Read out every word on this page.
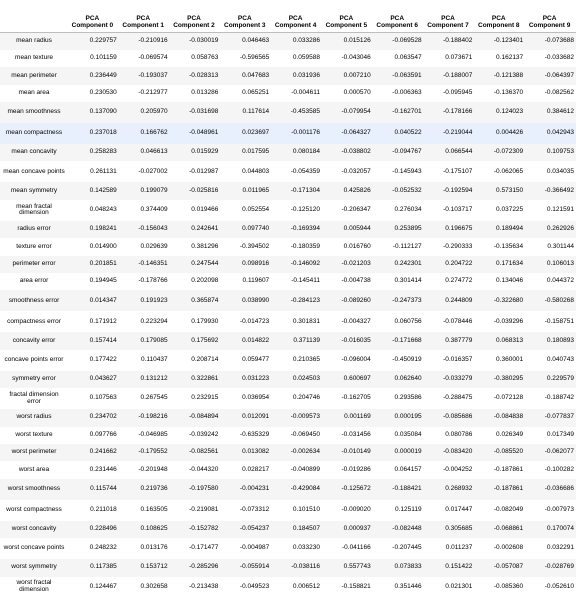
	PCA Component 0	PCA Component 1	PCA Component 2	PCA Component 3	PCA Component 4	PCA Component 5	PCA Component 6	PCA Component 7	PCA Component 8	PCA Component 9
mean radius	0.229757	-0.210916	-0.030019	0.046463	0.033286	0.015126	-0.069528	-0.188402	-0.123401	-0.073688
mean texture	0.101159	-0.069574	0.058763	-0.596565	0.059588	-0.043046	0.063547	0.073671	0.162137	-0.033682
mean perimeter	0.236449	-0.193037	-0.028313	0.047683	0.031936	0.007210	-0.063591	-0.188007	-0.121388	-0.064397
mean area	0.230530	-0.212977	0.013286	0.065251	-0.004611	0.000570	-0.006363	-0.095945	-0.136370	-0.082562
mean smoothness	0.137090	0.205970	-0.031698	0.117614	-0.453585	-0.079954	-0.162701	-0.178166	0.124023	0.384612
mean compactness	0.237018	0.166762	-0.048961	0.023697	-0.001176	-0.064327	0.040522	-0.219044	0.004426	0.042943
mean concavity	0.258283	0.046613	0.015929	0.017595	0.080184	-0.038802	-0.094767	0.066544	-0.072309	0.109753
mean concave points	0.261131	-0.027002	-0.012987	0.044803	-0.054359	-0.032057	-0.145943	-0.175107	-0.062065	0.034035
mean symmetry	0.142589	0.199079	-0.025816	0.011965	-0.171304	0.425826	-0.052532	-0.192594	0.573150	-0.366492
mean fractal dimension	0.048243	0.374409	0.019466	0.052554	-0.125120	-0.206347	0.276034	-0.103717	0.037225	0.121591
radius error	0.198241	-0.156043	0.242641	0.097740	-0.169394	0.005944	0.253895	0.196675	0.189494	0.262926
texture error	0.014900	0.029639	0.381296	-0.394502	-0.180359	0.016760	-0.112127	-0.290333	-0.135634	0.301144
perimeter error	0.201851	-0.146351	0.247544	0.098916	-0.146092	-0.021203	0.242301	0.204722	0.171634	0.106013
area error	0.194945	-0.178766	0.202098	0.119607	-0.145411	-0.004738	0.301414	0.274772	0.134046	0.044372
smoothness error	0.014347	0.191923	0.365874	0.038990	-0.284123	-0.089260	-0.247373	0.244809	-0.322680	-0.580268
compactness error	0.171912	0.223294	0.179930	-0.014723	0.301831	-0.004327	0.060756	-0.078446	-0.039296	-0.158751
concavity error	0.157414	0.179085	0.175692	0.014822	0.371139	-0.016035	-0.171668	0.387779	0.068313	0.180893
concave points error	0.177422	0.110437	0.208714	0.059477	0.210365	-0.096004	-0.450919	-0.016357	0.360001	0.040743
symmetry error	0.043627	0.131212	0.322861	0.031223	0.024503	0.600697	0.062640	-0.033279	-0.380295	0.229579
fractal dimension error	0.107563	0.267545	0.232915	0.036954	0.204746	-0.162705	0.293586	-0.288475	-0.072128	-0.188742
worst radius	0.234702	-0.198216	-0.084894	0.012091	-0.009573	0.001169	0.000195	-0.085686	-0.084838	-0.077837
worst texture	0.097766	-0.046985	-0.039242	-0.635329	-0.069450	-0.031456	0.035084	0.080786	0.026349	0.017349
worst perimeter	0.241662	-0.179552	-0.082561	0.013082	-0.002634	-0.010149	0.000019	-0.083420	-0.085520	-0.062077
worst area	0.231446	-0.201948	-0.044320	0.028217	-0.040899	-0.019286	0.064157	-0.004252	-0.187861	-0.100282
worst smoothness	0.115744	0.219736	-0.197580	-0.004231	-0.429084	-0.125672	-0.188421	0.268932	-0.187861	-0.036686
worst compactness	0.211018	0.163505	-0.219081	-0.073312	0.101510	-0.009020	0.125119	0.017447	-0.082049	-0.007973
worst concavity	0.228496	0.108625	-0.152782	-0.054237	0.184507	0.000937	-0.082448	0.305685	-0.068861	0.170074
worst concave points	0.248232	0.013176	-0.171477	-0.004987	0.033230	-0.041166	-0.207445	0.011237	-0.002608	0.032291
worst symmetry	0.117385	0.153712	-0.285296	-0.055914	-0.038116	0.557743	0.073833	0.151422	-0.057087	-0.028769
worst fractal dimension	0.124467	0.302658	-0.213438	-0.049523	0.006512	-0.158821	0.351446	0.021301	-0.085360	-0.052610
